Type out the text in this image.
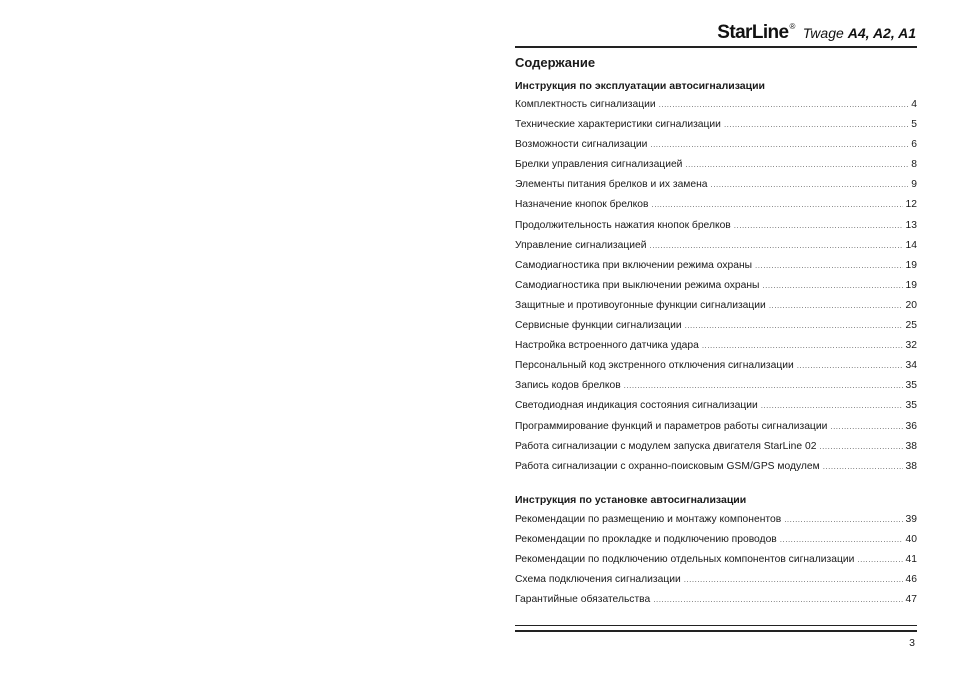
StarLine® Twage A4, A2, A1
Содержание
Инструкция по эксплуатации автосигнализации
Комплектность сигнализации .....	4
Технические характеристики сигнализации .....	5
Возможности сигнализации .....	6
Брелки управления сигнализацией .....	8
Элементы питания брелков и их замена .....	9
Назначение кнопок брелков .....	12
Продолжительность нажатия кнопок брелков .....	13
Управление сигнализацией .....	14
Самодиагностика при включении режима охраны .....	19
Самодиагностика при выключении режима охраны .....	19
Защитные и противоугонные функции сигнализации .....	20
Сервисные функции сигнализации .....	25
Настройка встроенного датчика удара .....	32
Персональный код экстренного отключения сигнализации .....	34
Запись кодов брелков .....	35
Светодиодная индикация состояния сигнализации .....	35
Программирование функций и параметров работы сигнализации .....	36
Работа сигнализации с модулем запуска двигателя StarLine 02 .....	38
Работа сигнализации с охранно-поисковым GSM/GPS модулем .....	38
Инструкция по установке автосигнализации
Рекомендации по размещению и монтажу компонентов .....	39
Рекомендации по прокладке и подключению проводов .....	40
Рекомендации по подключению отдельных компонентов сигнализации .....	41
Схема подключения сигнализации .....	46
Гарантийные обязательства .....	47
3
